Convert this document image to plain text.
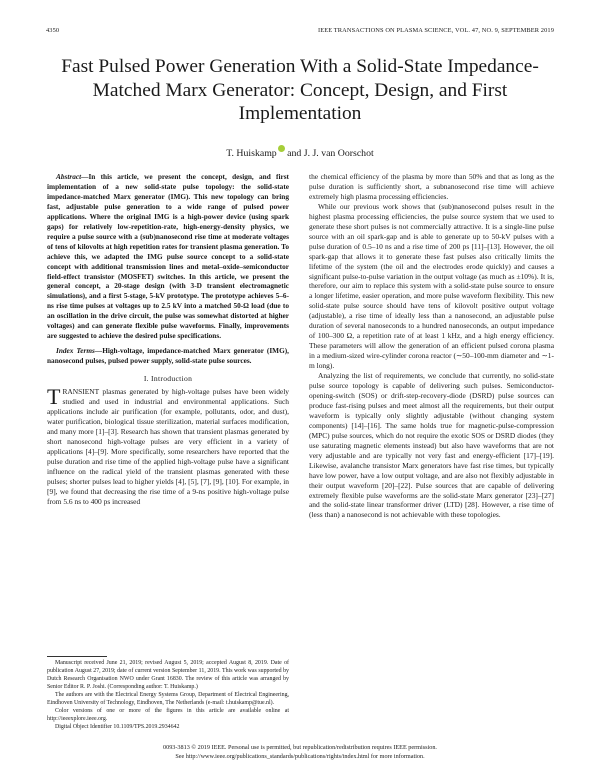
4350	IEEE TRANSACTIONS ON PLASMA SCIENCE, VOL. 47, NO. 9, SEPTEMBER 2019
Fast Pulsed Power Generation With a Solid-State Impedance-Matched Marx Generator: Concept, Design, and First Implementation
T. Huiskamp and J. J. van Oorschot

Abstract—In this article, we present the concept, design, and first implementation of a new solid-state pulse topology: the solid-state impedance-matched Marx generator (IMG). This new topology can bring fast, adjustable pulse generation to a wide range of pulsed power applications. Where the original IMG is a high-power device (using spark gaps) for relatively low-repetition-rate, high-energy-density physics, we require a pulse source with a (sub)nanosecond rise time at moderate voltages of tens of kilovolts at high repetition rates for transient plasma generation. To achieve this, we adapted the IMG pulse source concept to a solid-state concept with additional transmission lines and metal–oxide–semiconductor field-effect transistor (MOSFET) switches. In this article, we present the general concept, a 20-stage design (with 3-D transient electromagnetic simulations), and a first 5-stage, 5-kV prototype. The prototype achieves 5–6-ns rise time pulses at voltages up to 2.5 kV into a matched 50-Ω load (due to an oscillation in the drive circuit, the pulse was somewhat distorted at higher voltages) and can generate flexible pulse waveforms. Finally, improvements are suggested to achieve the desired pulse specifications.

Index Terms—High-voltage, impedance-matched Marx generator (IMG), nanosecond pulses, pulsed power supply, solid-state pulse sources.

I. Introduction

TRANSIENT plasmas generated by high-voltage pulses have been widely studied and used in industrial and environmental applications. Such applications include air purification (for example, pollutants, odor, and dust), water purification, biological tissue sterilization, material surfaces modification, and many more [1]–[3]. Research has shown that transient plasmas generated by short nanosecond high-voltage pulses are very efficient in a variety of applications [4]–[9]. More specifically, some researchers have reported that the pulse duration and rise time of the applied high-voltage pulse have a significant influence on the radical yield of the transient plasmas generated with these pulses; shorter pulses lead to higher yields [4], [5], [7], [9], [10]. For example, in [9], we found that decreasing the rise time of a 9-ns positive high-voltage pulse from 5.6 ns to 400 ps increased

Manuscript received June 21, 2019; revised August 5, 2019; accepted August 8, 2019. Date of publication August 27, 2019; date of current version September 11, 2019. This work was supported by Dutch Research Organisation NWO under Grant 16830. The review of this article was arranged by Senior Editor R. P. Joshi. (Corresponding author: T. Huiskamp.)

The authors are with the Electrical Energy Systems Group, Department of Electrical Engineering, Eindhoven University of Technology, Eindhoven, The Netherlands (e-mail: t.huiskamp@tue.nl).

Color versions of one or more of the figures in this article are available online at http://ieeexplore.ieee.org.

Digital Object Identifier 10.1109/TPS.2019.2934642

the chemical efficiency of the plasma by more than 50% and that as long as the pulse duration is sufficiently short, a subnanosecond rise time will achieve extremely high plasma processing efficiencies.

While our previous work shows that (sub)nanosecond pulses result in the highest plasma processing efficiencies, the pulse source system that we used to generate these short pulses is not commercially attractive. It is a single-line pulse source with an oil spark-gap and is able to generate up to 50-kV pulses with a pulse duration of 0.5–10 ns and a rise time of 200 ps [11]–[13]. However, the oil spark-gap that allows it to generate these fast pulses also critically limits the lifetime of the system (the oil and the electrodes erode quickly) and causes a significant pulse-to-pulse variation in the output voltage (as much as ±10%). It is, therefore, our aim to replace this system with a solid-state pulse source to ensure a longer lifetime, easier operation, and more pulse waveform flexibility. This new solid-state pulse source should have tens of kilovolt positive output voltage (adjustable), a rise time of ideally less than a nanosecond, an adjustable pulse duration of several nanoseconds to a hundred nanoseconds, an output impedance of 100–300 Ω, a repetition rate of at least 1 kHz, and a high energy efficiency. These parameters will allow the generation of an efficient pulsed corona plasma in a medium-sized wire-cylinder corona reactor (∼50–100-mm diameter and ∼1-m long).

Analyzing the list of requirements, we conclude that currently, no solid-state pulse source topology is capable of delivering such pulses. Semiconductor-opening-switch (SOS) or drift-step-recovery-diode (DSRD) pulse sources can produce fast-rising pulses and meet almost all the requirements, but their output waveform is typically only slightly adjustable (without changing system components) [14]–[16]. The same holds true for magnetic-pulse-compression (MPC) pulse sources, which do not require the exotic SOS or DSRD diodes (they use saturating magnetic elements instead) but also have waveforms that are not very adjustable and are typically not very fast and energy-efficient [17]–[19]. Likewise, avalanche transistor Marx generators have fast rise times, but typically have low power, have a low output voltage, and are also not flexibly adjustable in their output waveform [20]–[22]. Pulse sources that are capable of delivering extremely flexible pulse waveforms are the solid-state Marx generator [23]–[27] and the solid-state linear transformer driver (LTD) [28]. However, a rise time of (less than) a nanosecond is not achievable with these topologies.

0093-3813 © 2019 IEEE. Personal use is permitted, but republication/redistribution requires IEEE permission.
See http://www.ieee.org/publications_standards/publications/rights/index.html for more information.
